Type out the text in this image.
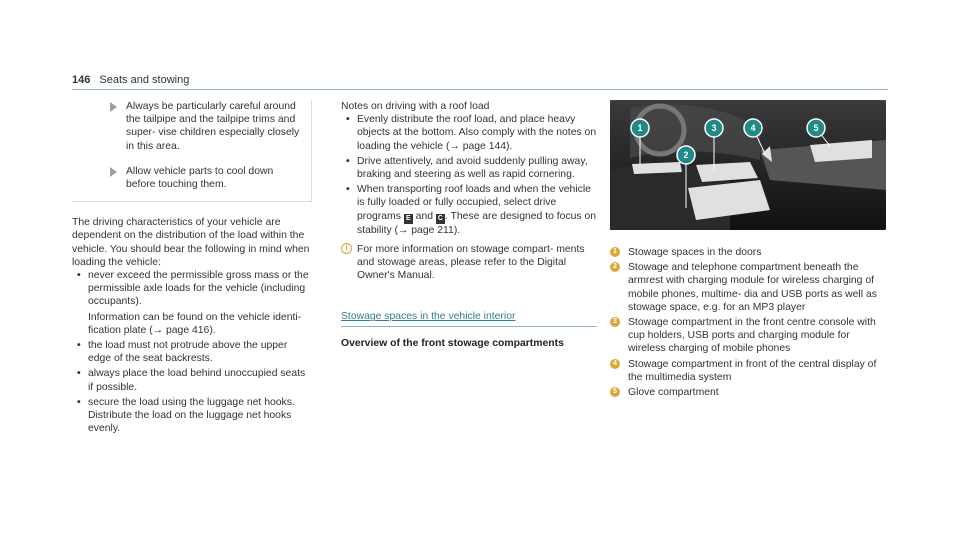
146 Seats and stowing

Always be particularly careful around the tailpipe and the tailpipe trims and super- vise children especially closely in this area.

Allow vehicle parts to cool down before touching them.

The driving characteristics of your vehicle are dependent on the distribution of the load within the vehicle. You should bear the following in mind when loading the vehicle:

• never exceed the permissible gross mass or the permissible axle loads for the vehicle (including occupants).
Information can be found on the vehicle identi- fication plate (→ page 416).
• the load must not protrude above the upper edge of the seat backrests.
• always place the load behind unoccupied seats if possible.
• secure the load using the luggage net hooks. Distribute the load on the luggage net hooks evenly.

Notes on driving with a roof load

• Evenly distribute the roof load, and place heavy objects at the bottom. Also comply with the notes on loading the vehicle (→ page 144).
• Drive attentively, and avoid suddenly pulling away, braking and steering as well as rapid cornering.
• When transporting roof loads and when the vehicle is fully loaded or fully occupied, select drive programs E and C . These are designed to focus on stability (→ page 211).
i For more information on stowage compart- ments and stowage areas, please refer to the Digital Owner's Manual.

Stowage spaces in the vehicle interior

Overview of the front stowage compartments

1
2
3	4	5
1 Stowage spaces in the doors
2 Stowage and telephone compartment beneath the armrest with charging module for wireless charging of mobile phones, multime- dia and USB ports as well as stowage space, e.g. for an MP3 player
3 Stowage compartment in the front centre console with cup holders, USB ports and charging module for wireless charging of mobile phones
4 Stowage compartment in front of the central display of the multimedia system
5 Glove compartment
